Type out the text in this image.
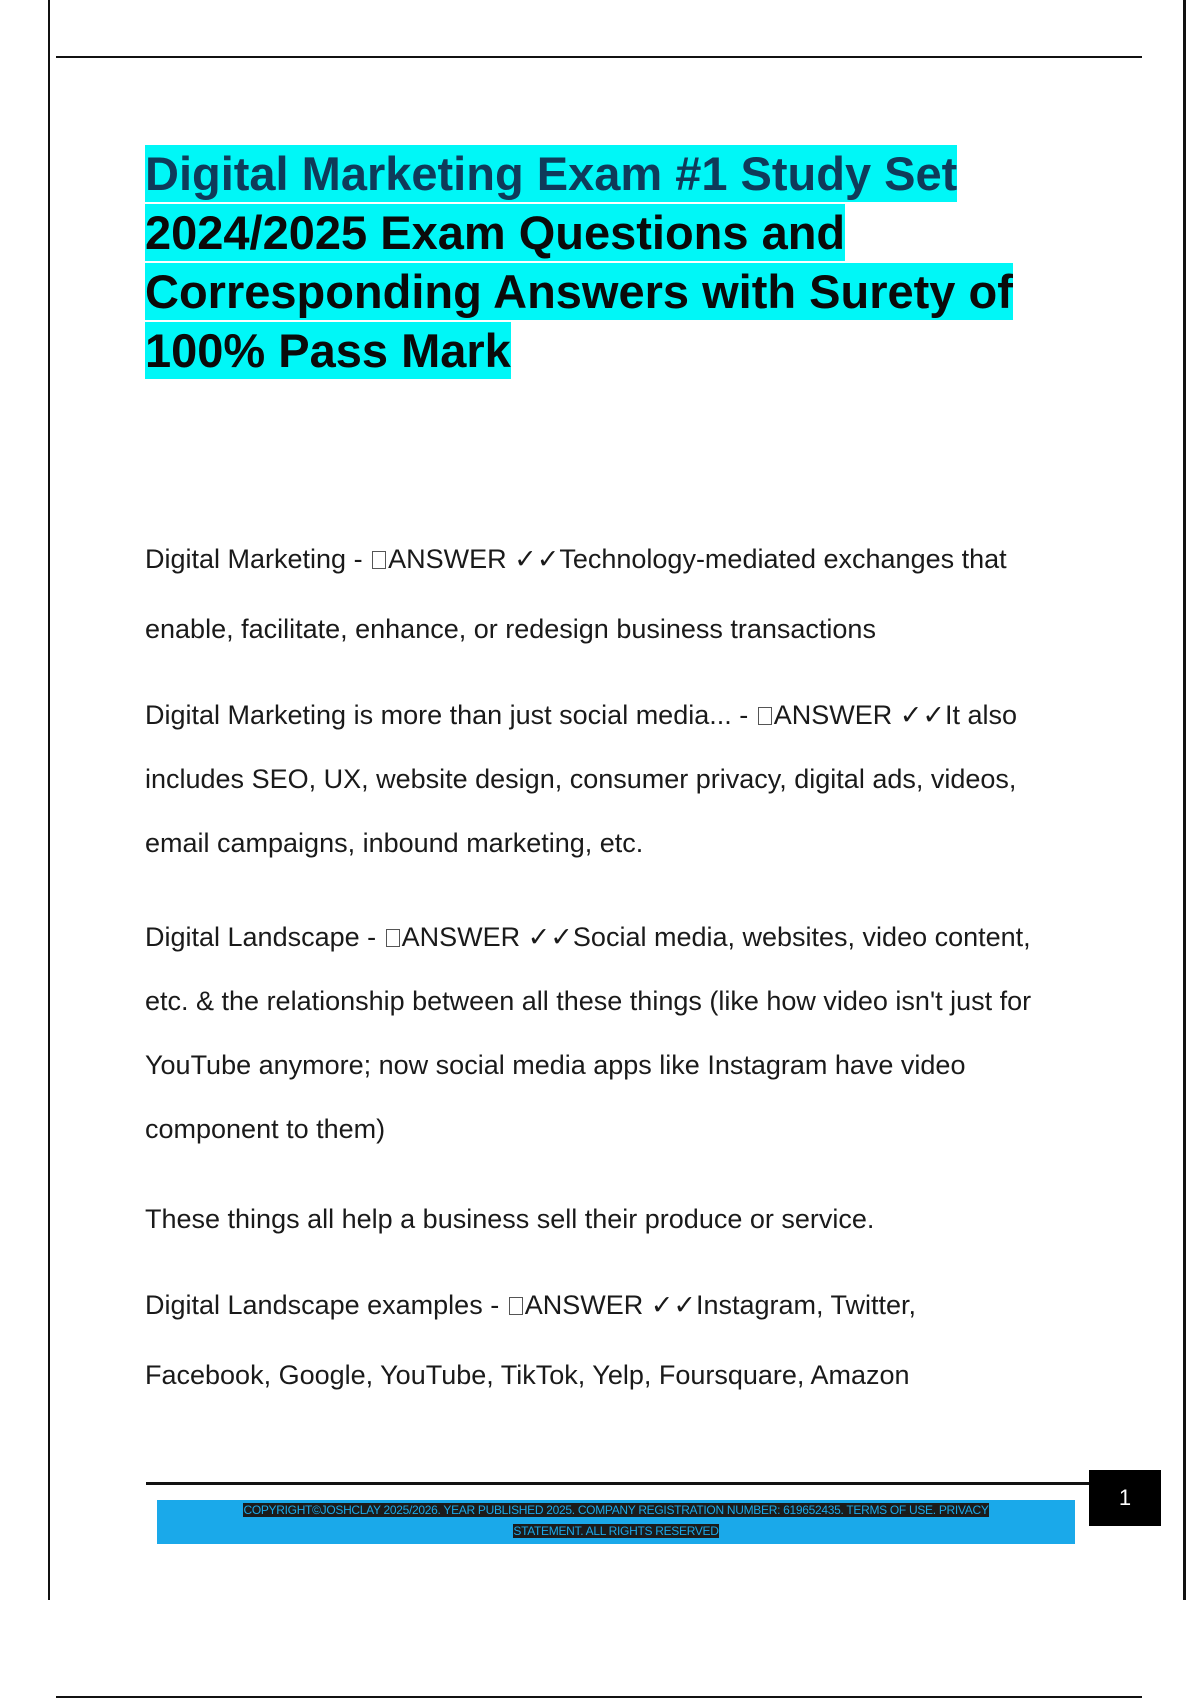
Digital Marketing Exam #1 Study Set
2024/2025 Exam Questions and
Corresponding Answers with Surety of
100% Pass Mark

Digital Marketing - ANSWER ✓✓Technology-mediated exchanges that
enable, facilitate, enhance, or redesign business transactions

Digital Marketing is more than just social media... - ANSWER ✓✓It also
includes SEO, UX, website design, consumer privacy, digital ads, videos, email campaigns, inbound marketing, etc.

Digital Landscape - ANSWER ✓✓Social media, websites, video content,
etc. & the relationship between all these things (like how video isn't just for YouTube anymore; now social media apps like Instagram have video component to them)

These things all help a business sell their produce or service.

Digital Landscape examples - ANSWER ✓✓Instagram, Twitter,
Facebook, Google, YouTube, TikTok, Yelp, Foursquare, Amazon

COPYRIGHT©JOSHCLAY 2025/2026. YEAR PUBLISHED 2025. COMPANY REGISTRATION NUMBER: 619652435. TERMS OF USE. PRIVACY
STATEMENT. ALL RIGHTS RESERVED

1
